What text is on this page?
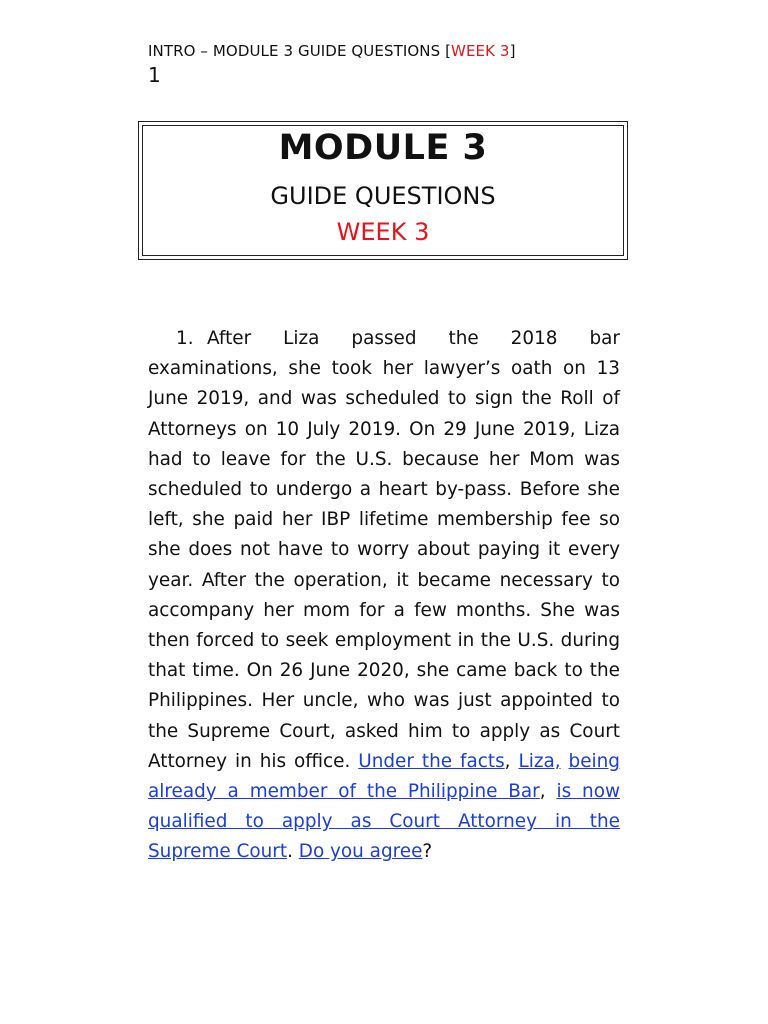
INTRO – MODULE 3 GUIDE QUESTIONS [WEEK 3]
1
MODULE 3
GUIDE QUESTIONS
WEEK 3
1. After Liza passed the 2018 bar examinations, she took her lawyer’s oath on 13 June 2019, and was scheduled to sign the Roll of Attorneys on 10 July 2019. On 29 June 2019, Liza had to leave for the U.S. because her Mom was scheduled to undergo a heart by-pass. Before she left, she paid her IBP lifetime membership fee so she does not have to worry about paying it every year. After the operation, it became necessary to accompany her mom for a few months. She was then forced to seek employment in the U.S. during that time. On 26 June 2020, she came back to the Philippines. Her uncle, who was just appointed to the Supreme Court, asked him to apply as Court Attorney in his office. Under the facts, Liza, being already a member of the Philippine Bar, is now qualified to apply as Court Attorney in the Supreme Court. Do you agree?
